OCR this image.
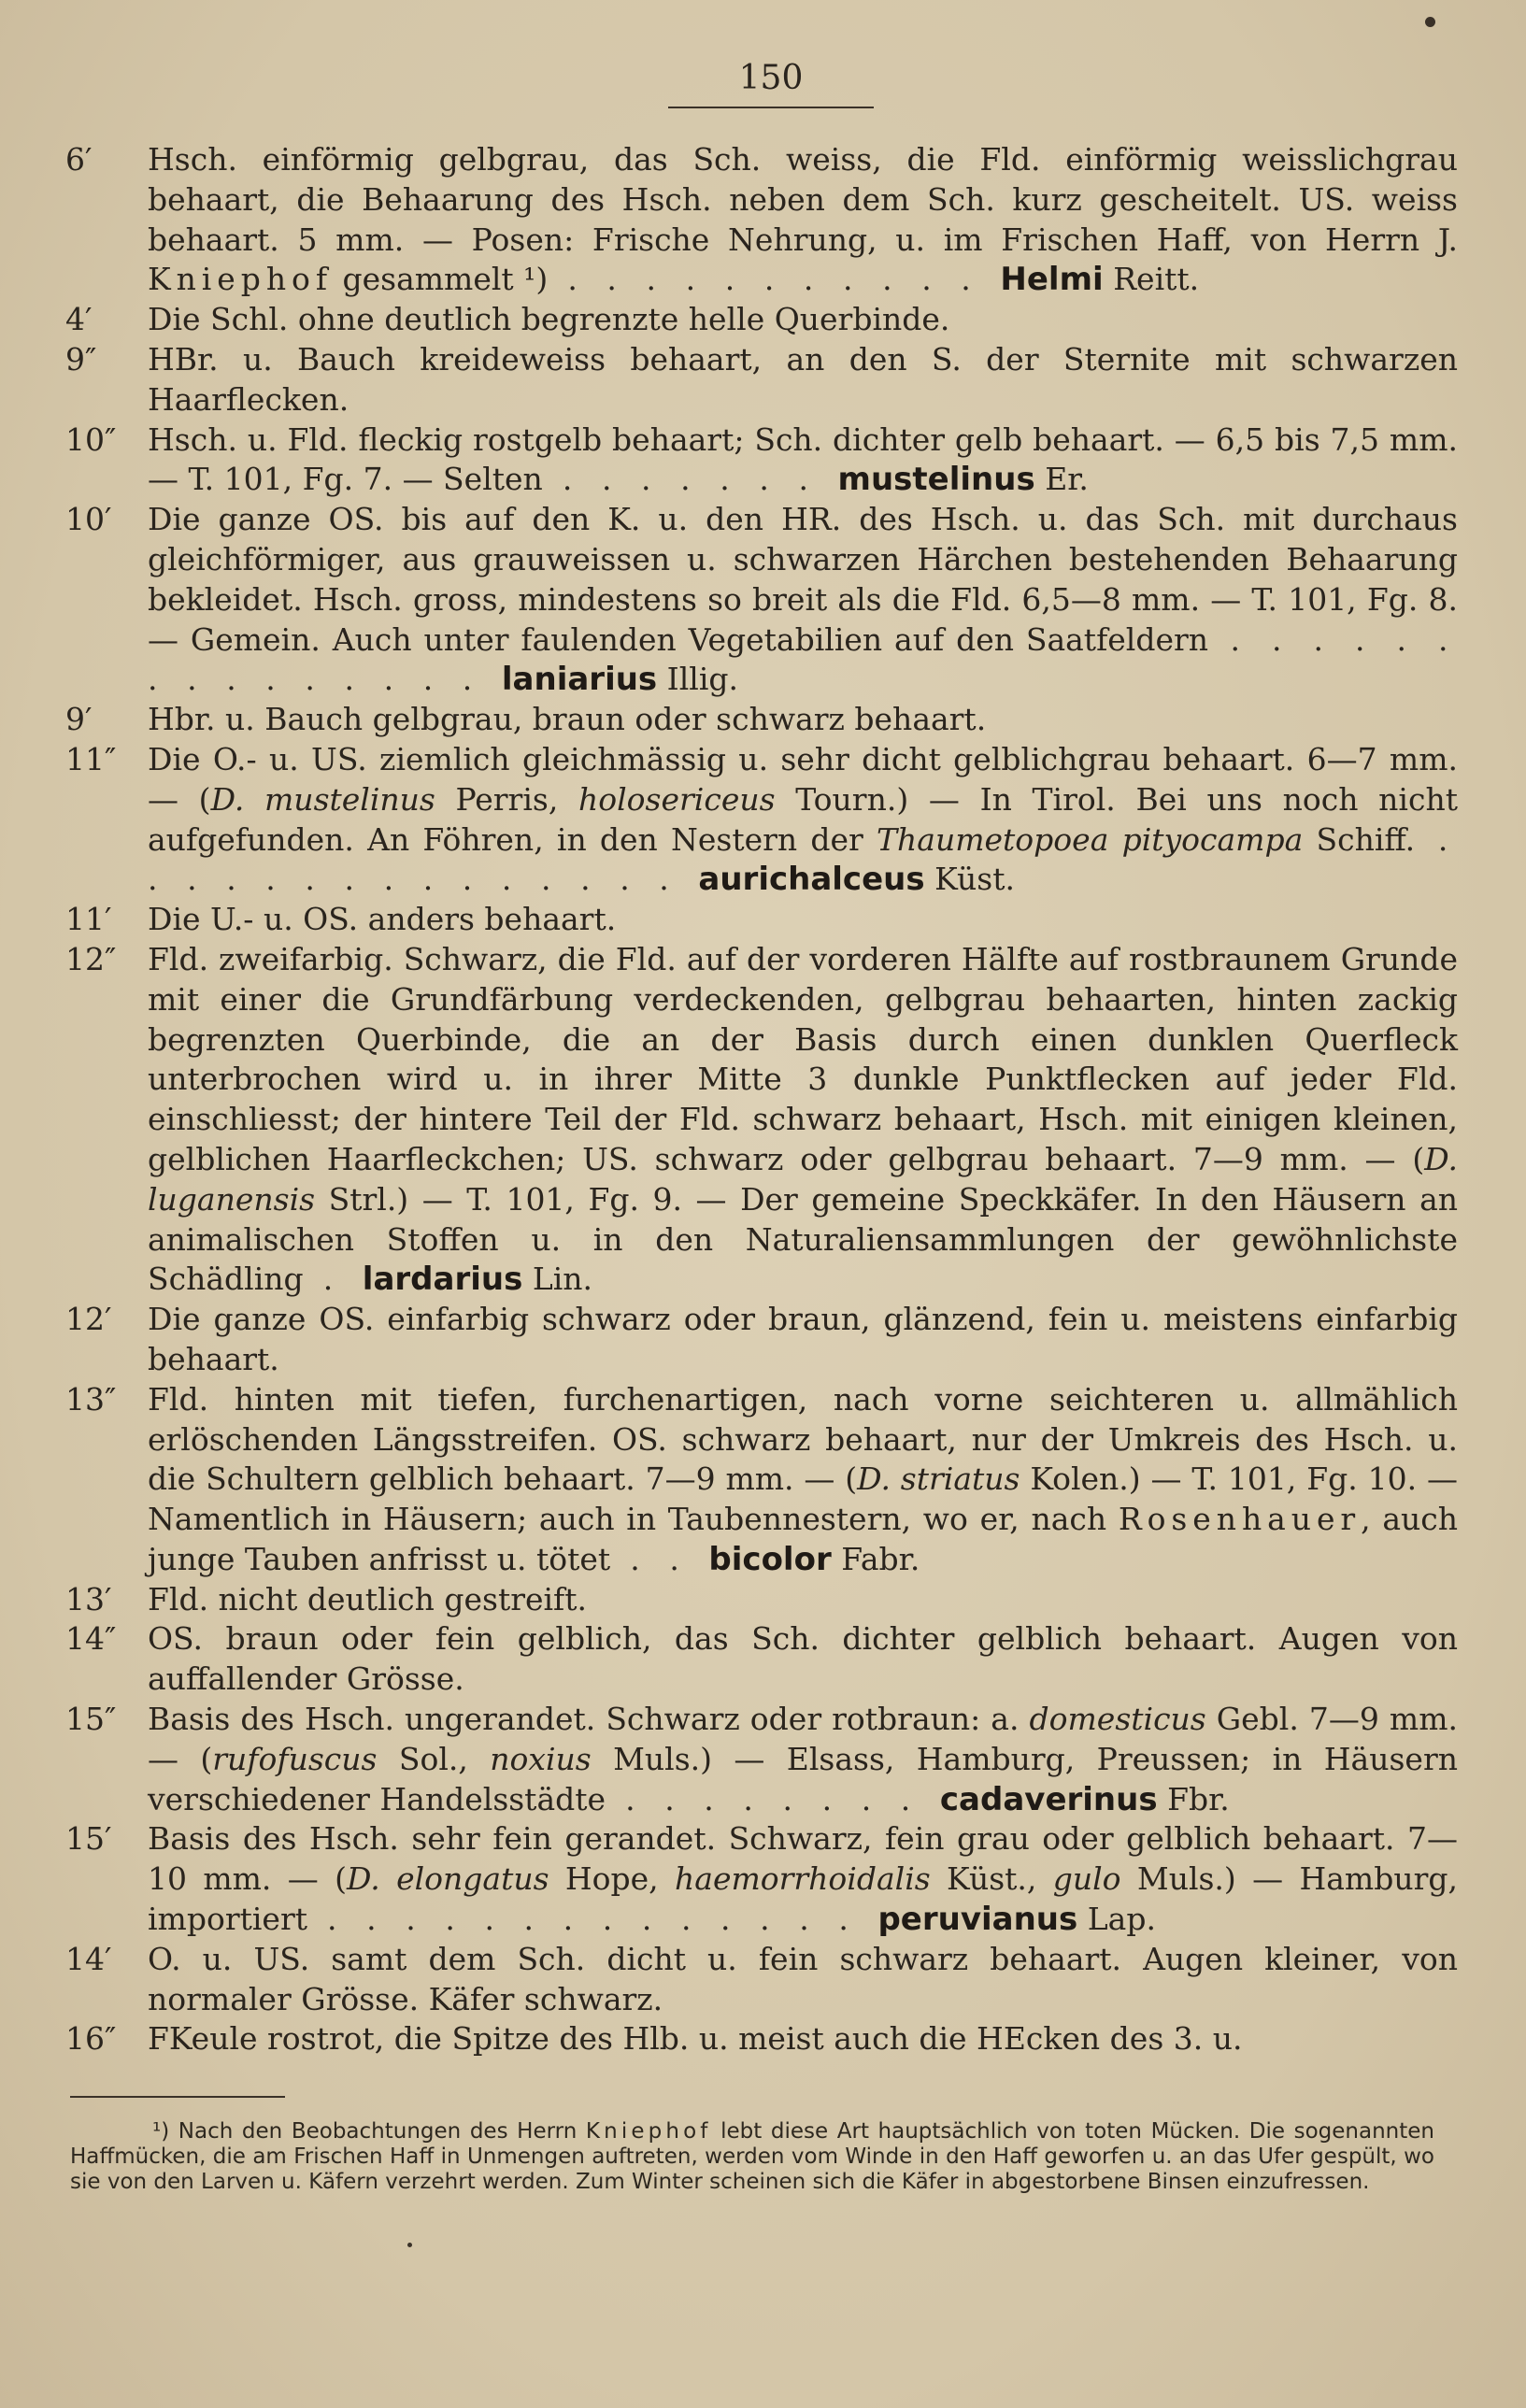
150
6′	Hsch. einförmig gelbgrau, das Sch. weiss, die Fld. einförmig weisslichgrau behaart, die Behaarung des Hsch. neben dem Sch. kurz gescheitelt. US. weiss behaart. 5 mm. — Posen: Frische Nehrung, u. im Frischen Haff, von Herrn J. Kniephof gesammelt ¹) . . . . . . . . . . . Helmi Reitt.
4′	Die Schl. ohne deutlich begrenzte helle Querbinde.
9″	HBr. u. Bauch kreideweiss behaart, an den S. der Sternite mit schwarzen Haarflecken.
10″	Hsch. u. Fld. fleckig rostgelb behaart; Sch. dichter gelb behaart. — 6,5 bis 7,5 mm. — T. 101, Fg. 7. — Selten . . . . . . . mustelinus Er.
10′	Die ganze OS. bis auf den K. u. den HR. des Hsch. u. das Sch. mit durchaus gleichförmiger, aus grauweissen u. schwarzen Härchen bestehenden Behaarung bekleidet. Hsch. gross, mindestens so breit als die Fld. 6,5—8 mm. — T. 101, Fg. 8. — Gemein. Auch unter faulenden Vegetabilien auf den Saatfeldern . . . . . . . . . . . . . . . laniarius Illig.
9′	Hbr. u. Bauch gelbgrau, braun oder schwarz behaart.
11″	Die O.- u. US. ziemlich gleichmässig u. sehr dicht gelblichgrau behaart. 6—7 mm. — (D. mustelinus Perris, holosericeus Tourn.) — In Tirol. Bei uns noch nicht aufgefunden. An Föhren, in den Nestern der Thaumetopoea pityocampa Schiff. . . . . . . . . . . . . . . . aurichalceus Küst.
11′	Die U.- u. OS. anders behaart.
12″	Fld. zweifarbig. Schwarz, die Fld. auf der vorderen Hälfte auf rostbraunem Grunde mit einer die Grundfärbung verdeckenden, gelbgrau behaarten, hinten zackig begrenzten Querbinde, die an der Basis durch einen dunklen Querfleck unterbrochen wird u. in ihrer Mitte 3 dunkle Punktflecken auf jeder Fld. einschliesst; der hintere Teil der Fld. schwarz behaart, Hsch. mit einigen kleinen, gelblichen Haarfleckchen; US. schwarz oder gelbgrau behaart. 7—9 mm. — (D. luganensis Strl.) — T. 101, Fg. 9. — Der gemeine Speckkäfer. In den Häusern an animalischen Stoffen u. in den Naturaliensammlungen der gewöhnlichste Schädling . lardarius Lin.
12′	Die ganze OS. einfarbig schwarz oder braun, glänzend, fein u. meistens einfarbig behaart.
13″	Fld. hinten mit tiefen, furchenartigen, nach vorne seichteren u. allmählich erlöschenden Längsstreifen. OS. schwarz behaart, nur der Umkreis des Hsch. u. die Schultern gelblich behaart. 7—9 mm. — (D. striatus Kolen.) — T. 101, Fg. 10. — Namentlich in Häusern; auch in Taubennestern, wo er, nach Rosenhauer, auch junge Tauben anfrisst u. tötet . . bicolor Fabr.
13′	Fld. nicht deutlich gestreift.
14″	OS. braun oder fein gelblich, das Sch. dichter gelblich behaart. Augen von auffallender Grösse.
15″	Basis des Hsch. ungerandet. Schwarz oder rotbraun: a. domesticus Gebl. 7—9 mm. — (rufofuscus Sol., noxius Muls.) — Elsass, Hamburg, Preussen; in Häusern verschiedener Handelsstädte . . . . . . . . cadaverinus Fbr.
15′	Basis des Hsch. sehr fein gerandet. Schwarz, fein grau oder gelblich behaart. 7—10 mm. — (D. elongatus Hope, haemorrhoidalis Küst., gulo Muls.) — Hamburg, importiert . . . . . . . . . . . . . . peruvianus Lap.
14′	O. u. US. samt dem Sch. dicht u. fein schwarz behaart. Augen kleiner, von normaler Grösse. Käfer schwarz.
16″	FKeule rostrot, die Spitze des Hlb. u. meist auch die HEcken des 3. u.
¹) Nach den Beobachtungen des Herrn Kniephof lebt diese Art hauptsächlich von toten Mücken. Die sogenannten Haffmücken, die am Frischen Haff in Unmengen auftreten, werden vom Winde in den Haff geworfen u. an das Ufer gespült, wo sie von den Larven u. Käfern verzehrt werden. Zum Winter scheinen sich die Käfer in abgestorbene Binsen einzufressen.
